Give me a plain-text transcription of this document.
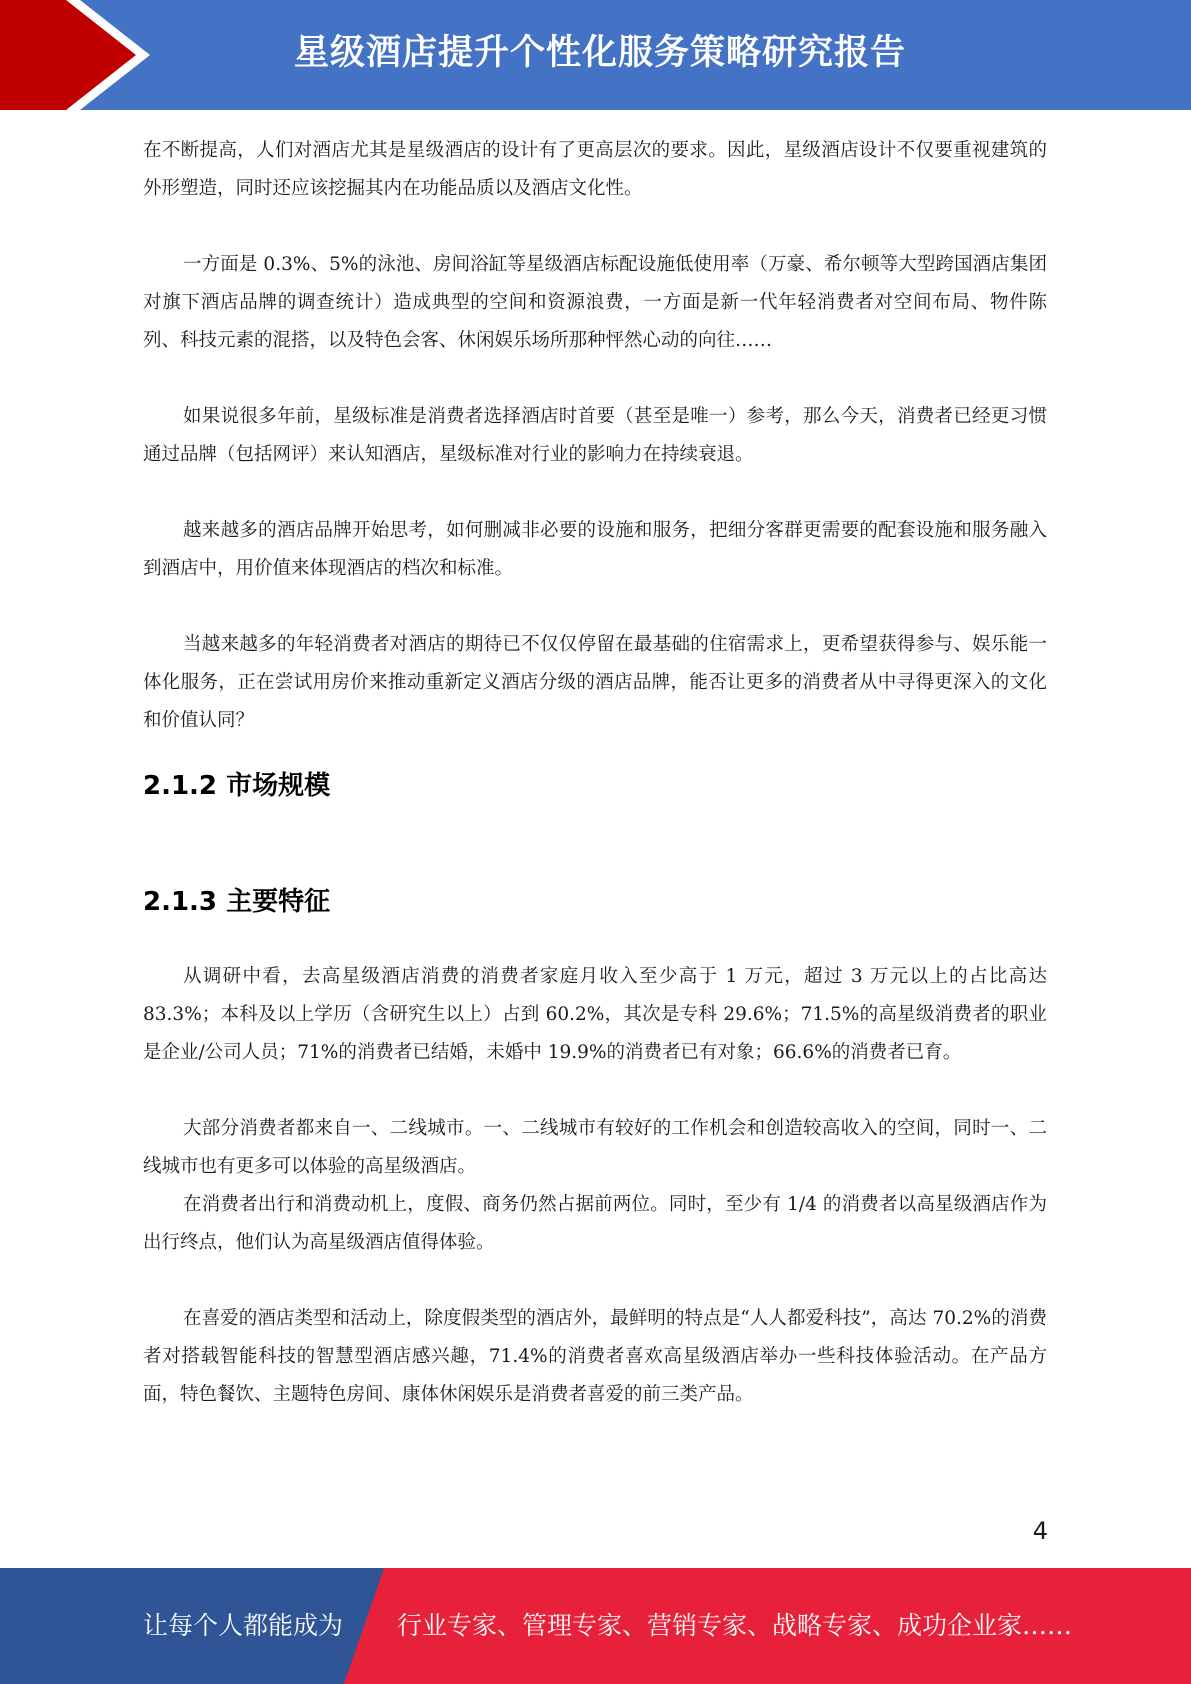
星级酒店提升个性化服务策略研究报告

在不断提高，人们对酒店尤其是星级酒店的设计有了更高层次的要求。因此，星级酒店设计不仅要重视建筑的外形塑造，同时还应该挖掘其内在功能品质以及酒店文化性。

一方面是 0.3%、5%的泳池、房间浴缸等星级酒店标配设施低使用率（万豪、希尔顿等大型跨国酒店集团对旗下酒店品牌的调查统计）造成典型的空间和资源浪费，一方面是新一代年轻消费者对空间布局、物件陈列、科技元素的混搭，以及特色会客、休闲娱乐场所那种怦然心动的向往……

如果说很多年前，星级标准是消费者选择酒店时首要（甚至是唯一）参考，那么今天，消费者已经更习惯通过品牌（包括网评）来认知酒店，星级标准对行业的影响力在持续衰退。

越来越多的酒店品牌开始思考，如何删减非必要的设施和服务，把细分客群更需要的配套设施和服务融入到酒店中，用价值来体现酒店的档次和标准。

当越来越多的年轻消费者对酒店的期待已不仅仅停留在最基础的住宿需求上，更希望获得参与、娱乐能一体化服务，正在尝试用房价来推动重新定义酒店分级的酒店品牌，能否让更多的消费者从中寻得更深入的文化和价值认同？

2.1.2 市场规模
2.1.3 主要特征

从调研中看，去高星级酒店消费的消费者家庭月收入至少高于 1 万元，超过 3 万元以上的占比高达 83.3%；本科及以上学历（含研究生以上）占到 60.2%，其次是专科 29.6%；71.5%的高星级消费者的职业是企业/公司人员；71%的消费者已结婚，未婚中 19.9%的消费者已有对象；66.6%的消费者已育。

大部分消费者都来自一、二线城市。一、二线城市有较好的工作机会和创造较高收入的空间，同时一、二线城市也有更多可以体验的高星级酒店。

在消费者出行和消费动机上，度假、商务仍然占据前两位。同时，至少有 1/4 的消费者以高星级酒店作为出行终点，他们认为高星级酒店值得体验。

在喜爱的酒店类型和活动上，除度假类型的酒店外，最鲜明的特点是“人人都爱科技”，高达 70.2%的消费者对搭载智能科技的智慧型酒店感兴趣，71.4%的消费者喜欢高星级酒店举办一些科技体验活动。在产品方面，特色餐饮、主题特色房间、康体休闲娱乐是消费者喜爱的前三类产品。

4
让每个人都能成为 行业专家、管理专家、营销专家、战略专家、成功企业家……
